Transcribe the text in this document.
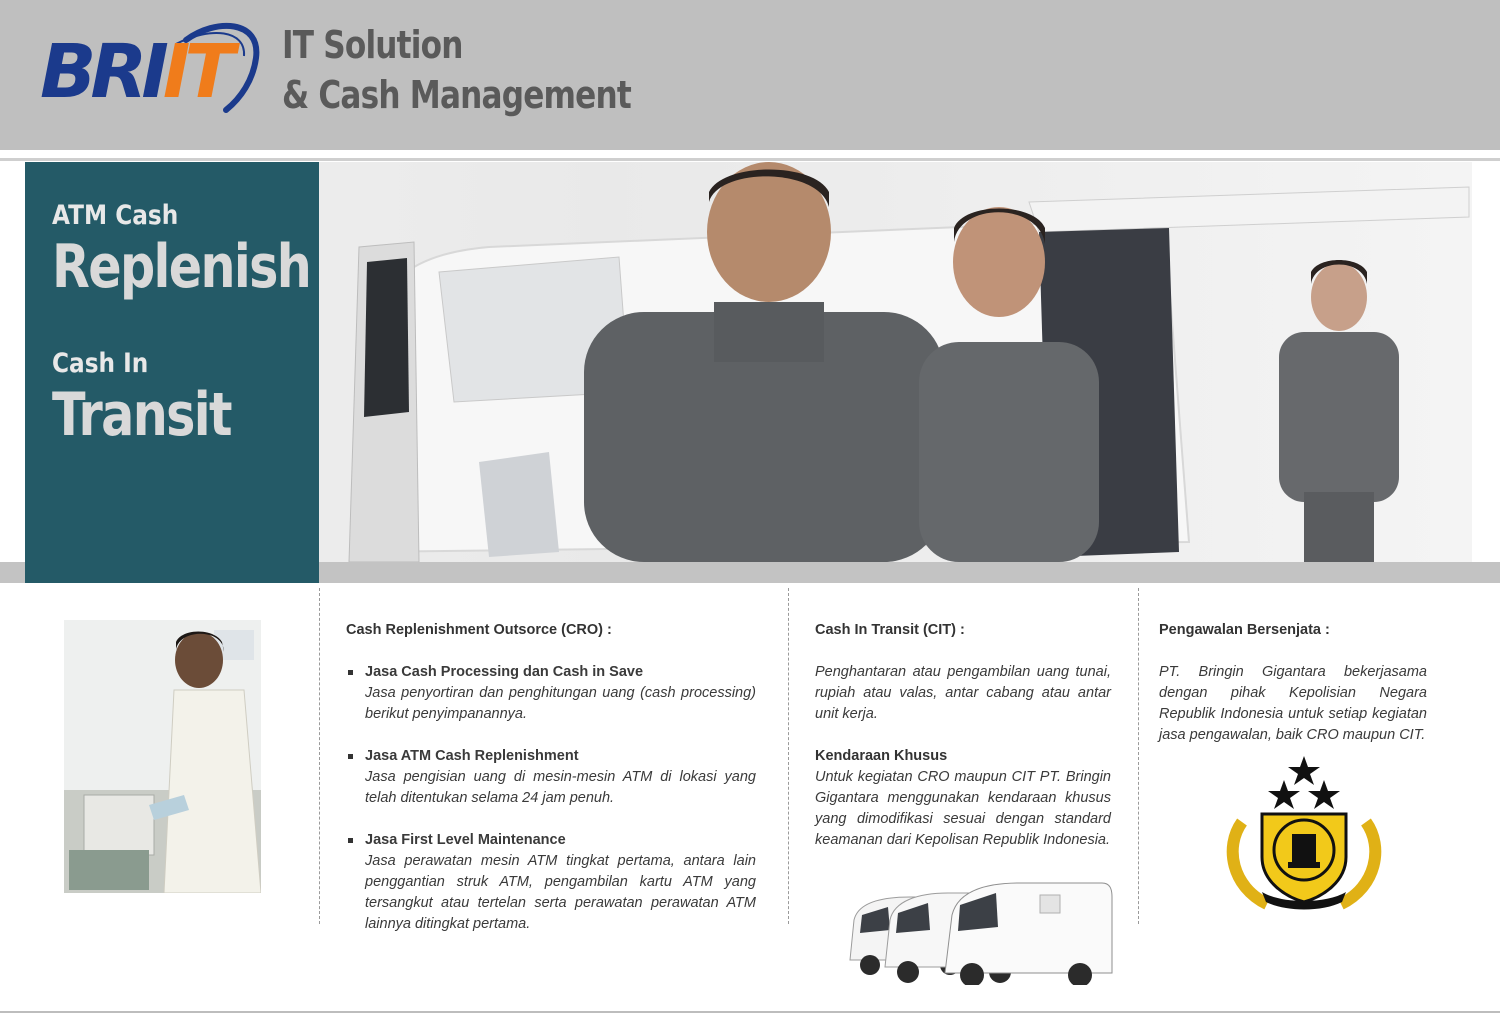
BRIIT IT Solution
& Cash Management
ATM Cash
Replenish
Cash In
Transit
Cash Replenishment Outsorce (CRO) :
Jasa Cash Processing dan Cash in Save
Jasa penyortiran dan penghitungan uang (cash processing) berikut penyimpanannya.
Jasa ATM Cash Replenishment
Jasa pengisian uang di mesin-mesin ATM di lokasi yang telah ditentukan selama 24 jam penuh.
Jasa First Level Maintenance
Jasa perawatan mesin ATM tingkat pertama, antara lain penggantian struk ATM, pengambilan kartu ATM yang tersangkut atau tertelan serta perawatan perawatan ATM lainnya ditingkat pertama.
Cash In Transit (CIT) :
Penghantaran atau pengambilan uang tunai, rupiah atau valas, antar cabang atau antar unit kerja.
Kendaraan Khusus
Untuk kegiatan CRO maupun CIT PT. Bringin Gigantara menggunakan kendaraan khusus yang dimodifikasi sesuai dengan standard keamanan dari Kepolisan Republik Indonesia.
Pengawalan Bersenjata :
PT. Bringin Gigantara bekerjasama dengan pihak Kepolisian Negara Republik Indonesia untuk setiap kegiatan jasa pengawalan, baik CRO maupun CIT.
